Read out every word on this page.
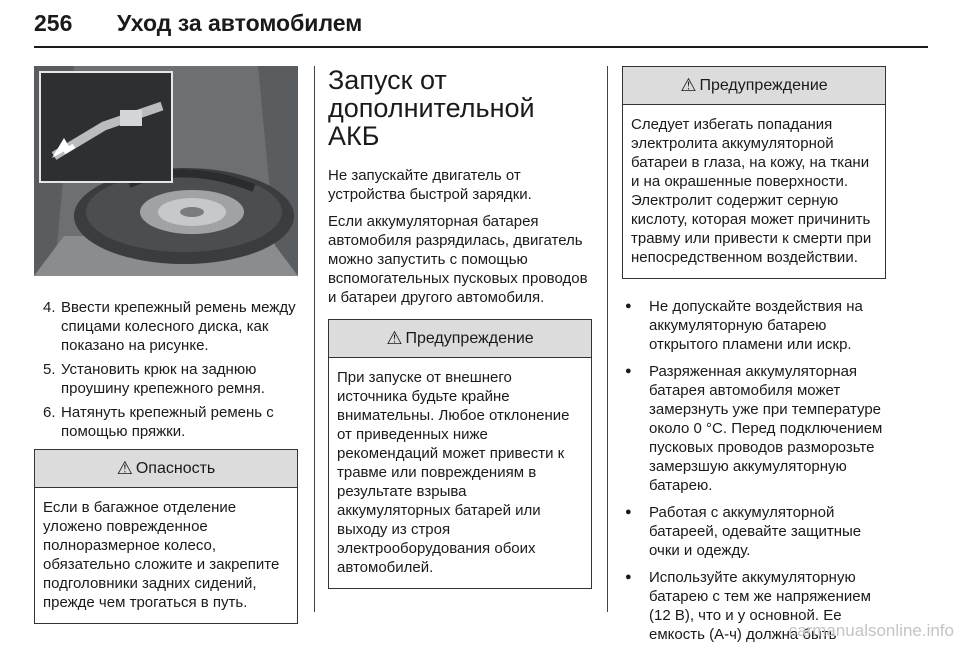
256 Уход за автомобилем
4. Ввести крепежный ремень между спицами колесного диска, как показано на рисунке.
5. Установить крюк на заднюю проушину крепежного ремня.
6. Натянуть крепежный ремень с помощью пряжки.
⚠ Опасность
Если в багажное отделение уложено поврежденное полноразмерное колесо, обязательно сложите и закрепите подголовники задних сидений, прежде чем трогаться в путь.
Запуск от дополнительной АКБ

Не запускайте двигатель от устройства быстрой зарядки.

Если аккумуляторная батарея автомобиля разрядилась, двигатель можно запустить с помощью вспомогательных пусковых проводов и батареи другого автомобиля.

⚠ Предупреждение
При запуске от внешнего источника будьте крайне внимательны. Любое отклонение от приведенных ниже рекомендаций может привести к травме или повреждениям в результате взрыва аккумуляторных батарей или выходу из строя электрооборудования обоих автомобилей.
⚠ Предупреждение
Следует избегать попадания электролита аккумуляторной батареи в глаза, на кожу, на ткани и на окрашенные поверхности. Электролит содержит серную кислоту, которая может причинить травму или привести к смерти при непосредственном воздействии.
● Не допускайте воздействия на аккумуляторную батарею открытого пламени или искр.
● Разряженная аккумуляторная батарея автомобиля может замерзнуть уже при температуре около 0 °C. Перед подключением пусковых проводов разморозьте замерзшую аккумуляторную батарею.
● Работая с аккумуляторной батареей, одевайте защитные очки и одежду.
● Используйте аккумуляторную батарею с тем же напряжением (12 В), что и у основной. Ее емкость (А-ч) должна быть
carmanualsonline.info
